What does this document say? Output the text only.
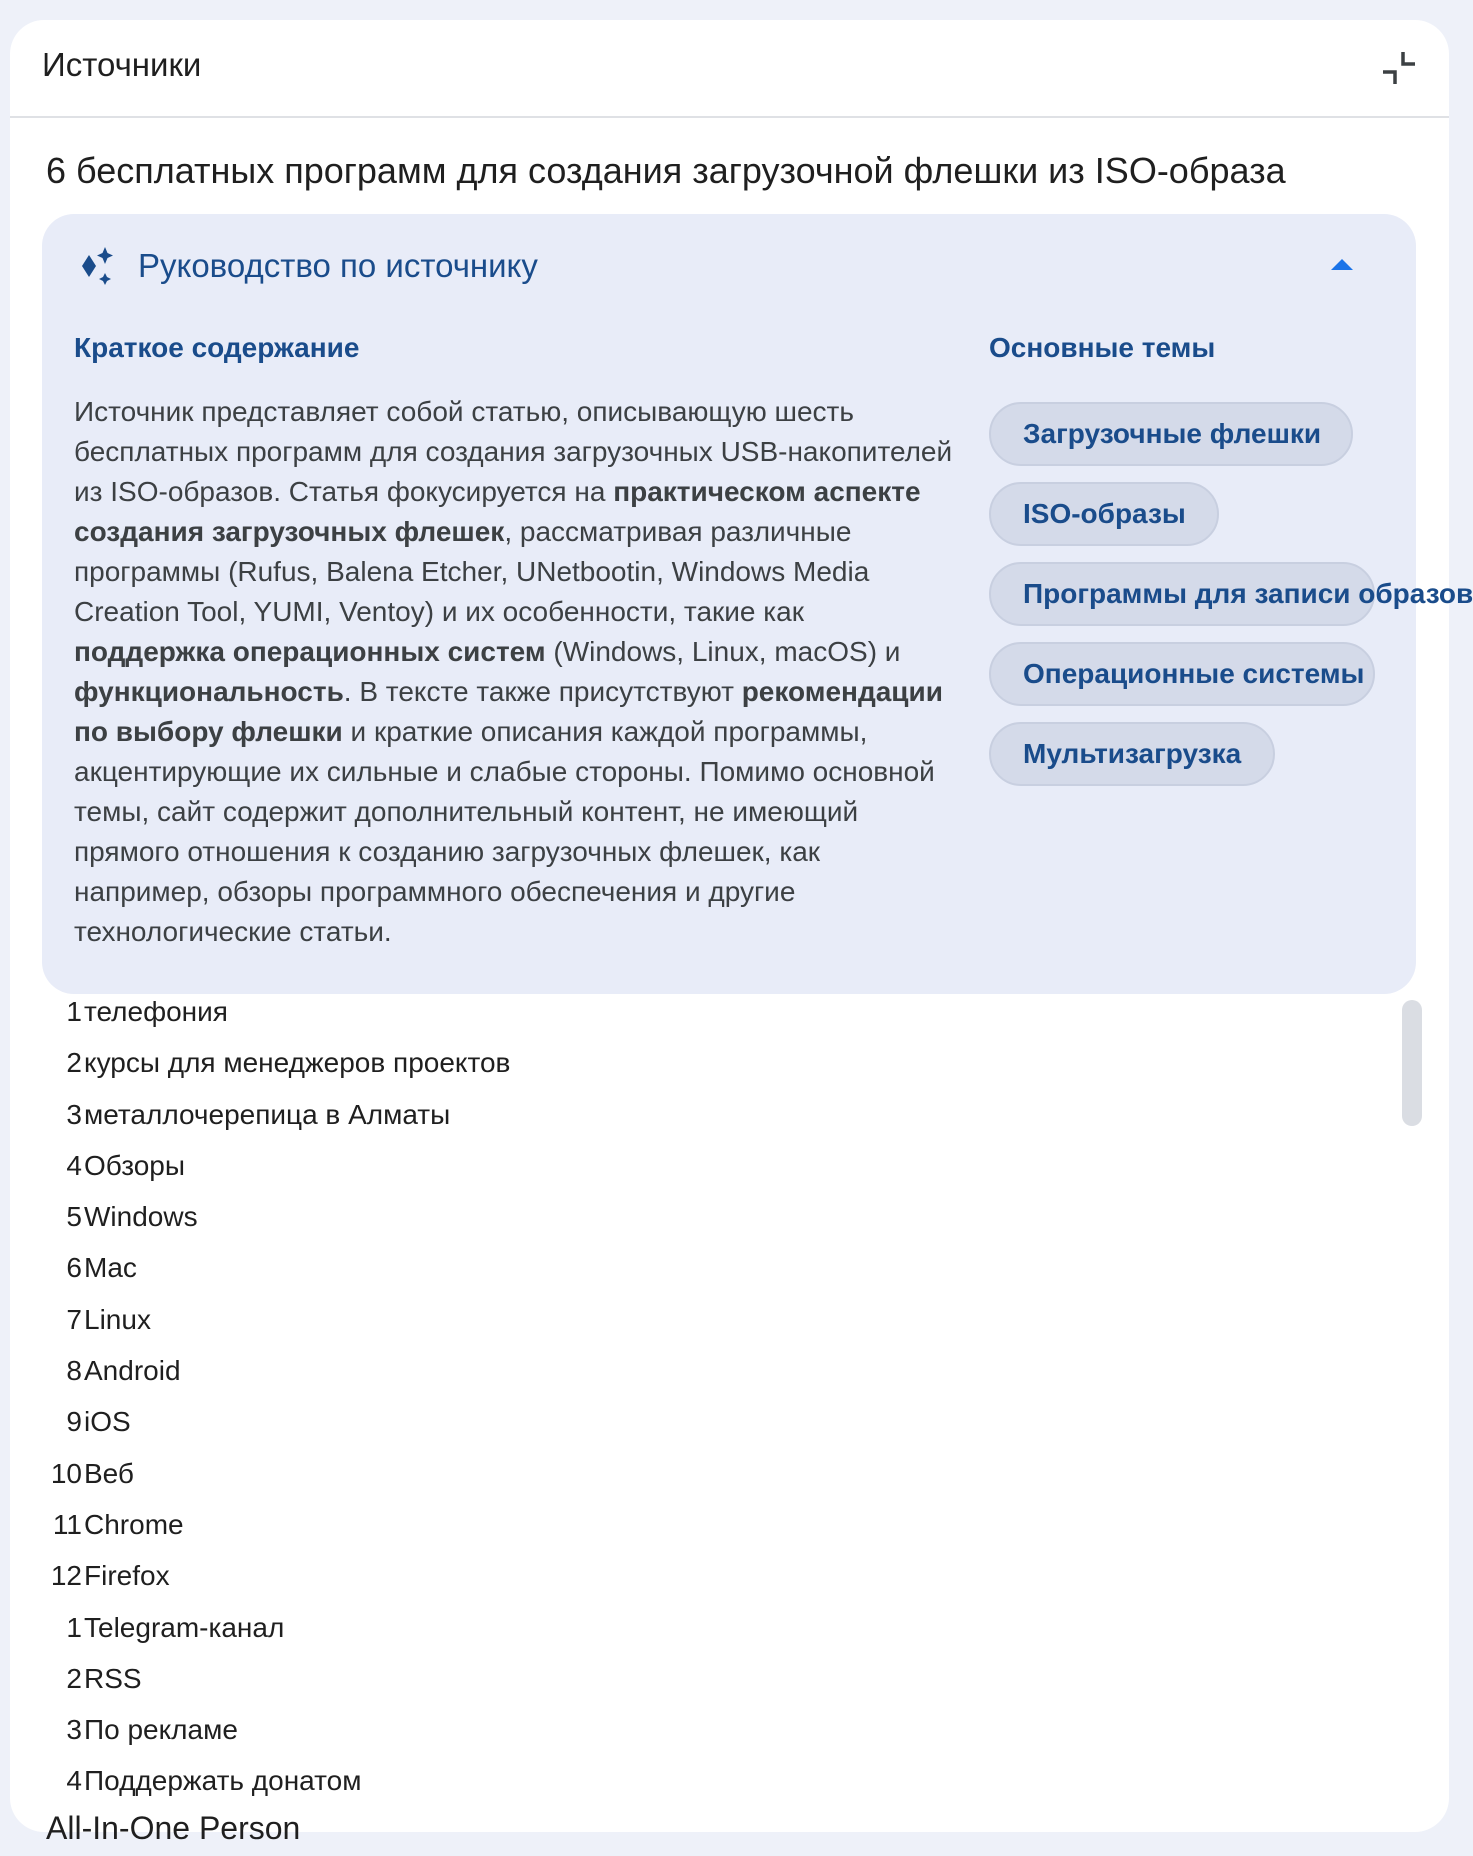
Источники
6 бесплатных программ для создания загрузочной флешки из ISO-образа
Руководство по источнику
Краткое содержание
Источник представляет собой статью, описывающую шесть бесплатных программ для создания загрузочных USB-накопителей из ISO-образов. Статья фокусируется на практическом аспекте создания загрузочных флешек, рассматривая различные программы (Rufus, Balena Etcher, UNetbootin, Windows Media Creation Tool, YUMI, Ventoy) и их особенности, такие как поддержка операционных систем (Windows, Linux, macOS) и функциональность. В тексте также присутствуют рекомендации по выбору флешки и краткие описания каждой программы, акцентирующие их сильные и слабые стороны. Помимо основной темы, сайт содержит дополнительный контент, не имеющий прямого отношения к созданию загрузочных флешек, как например, обзоры программного обеспечения и другие технологические статьи.
Основные темы
Загрузочные флешки
ISO-образы
Программы для записи образов
Операционные системы
Мультизагрузка
1 телефония
2 курсы для менеджеров проектов
3 металлочерепица в Алматы
4 Обзоры
5 Windows
6 Mac
7 Linux
8 Android
9 iOS
10 Веб
11 Chrome
12 Firefox
1 Telegram-канал
2 RSS
3 По рекламе
4 Поддержать донатом
All-In-One Person
